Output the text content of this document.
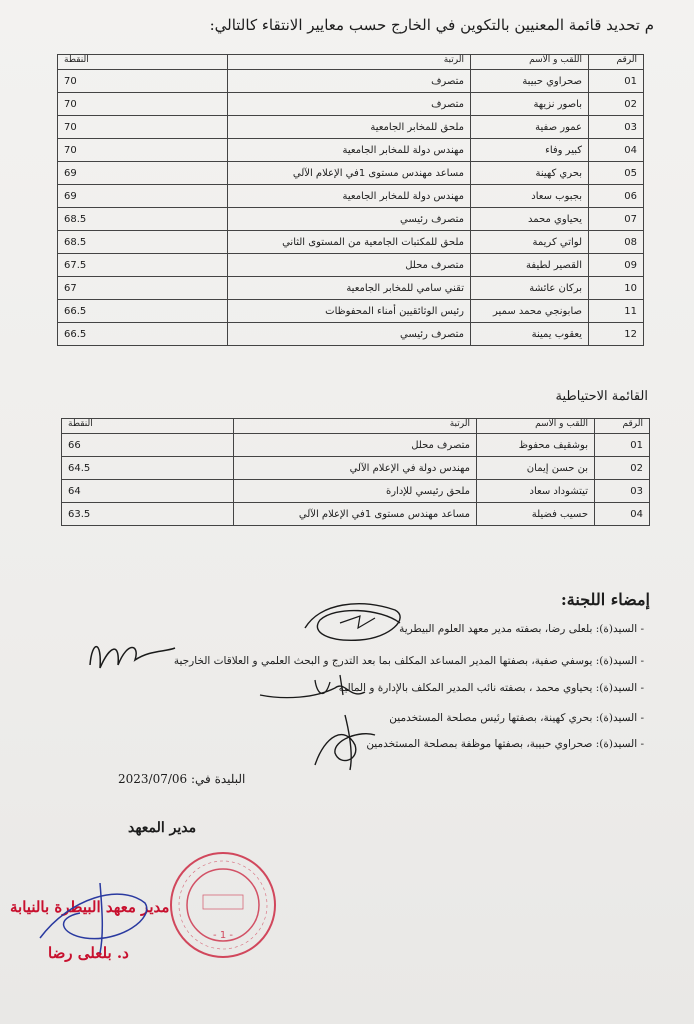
م تحديد قائمة المعنيين بالتكوين في الخارج حسب معايير الانتقاء كالتالي:
الرقم	اللقب و الاسم	الرتبة	النقطة
01	صحراوي حبيبة	متصرف	70
02	باصور نزيهة	متصرف	70
03	عمور صفية	ملحق للمخابر الجامعية	70
04	كبير وفاء	مهندس دولة للمخابر الجامعية	70
05	بحري كهينة	مساعد مهندس مستوى 1في الإعلام الآلي	69
06	بجبوب سعاد	مهندس دولة للمخابر الجامعية	69
07	يحياوي محمد	متصرف رئيسي	68.5
08	لواتي كريمة	ملحق للمكتبات الجامعية من المستوى الثاني	68.5
09	القصير لطيفة	متصرف محلل	67.5
10	بركان عائشة	تقني سامي للمخابر الجامعية	67
11	صابونجي محمد سمير	رئيس الوثائقيين أمناء المحفوظات	66.5
12	يعقوب يمينة	متصرف رئيسي	66.5
القائمة الاحتياطية
الرقم	اللقب و الاسم	الرتبة	النقطة
01	بوشقيف محفوظ	متصرف محلل	66
02	بن حسن إيمان	مهندس دولة في الإعلام الآلي	64.5
03	تيتشوداد سعاد	ملحق رئيسي للإدارة	64
04	حسيب فضيلة	مساعد مهندس مستوى 1في الإعلام الآلي	63.5
إمضاء اللجنة:
- السيد(ة): بلعلى رضا، بصفته مدير معهد العلوم البيطرية
- السيد(ة): يوسفي صفية، بصفتها المدير المساعد المكلف بما بعد التدرج و البحث العلمي و العلاقات الخارجية
- السيد(ة): يحياوي محمد ، بصفته نائب المدير المكلف بالإدارة و المالية
- السيد(ة): بحري كهينة، بصفتها رئيس مصلحة المستخدمين
- السيد(ة): صحراوي حبيبة، بصفتها موظفة بمصلحة المستخدمين
البليدة في: 2023/07/06
مدير المعهد
- 1 -
مدير معهد البيطرة بالنيابة
د. بلعلى رضا
